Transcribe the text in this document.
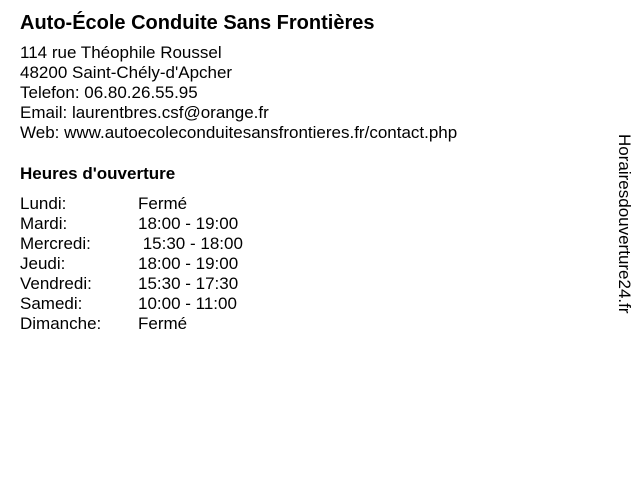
Auto-École Conduite Sans Frontières
114 rue Théophile Roussel
48200 Saint-Chély-d'Apcher
Telefon: 06.80.26.55.95
Email: laurentbres.csf@orange.fr
Web: www.autoecoleconduitesansfrontieres.fr/contact.php
Heures d'ouverture
Lundi:	Fermé
Mardi:	18:00 - 19:00
Mercredi:	15:30 - 18:00
Jeudi:	18:00 - 19:00
Vendredi:	15:30 - 17:30
Samedi:	10:00 - 11:00
Dimanche:	Fermé
Horairesdouverture24.fr
